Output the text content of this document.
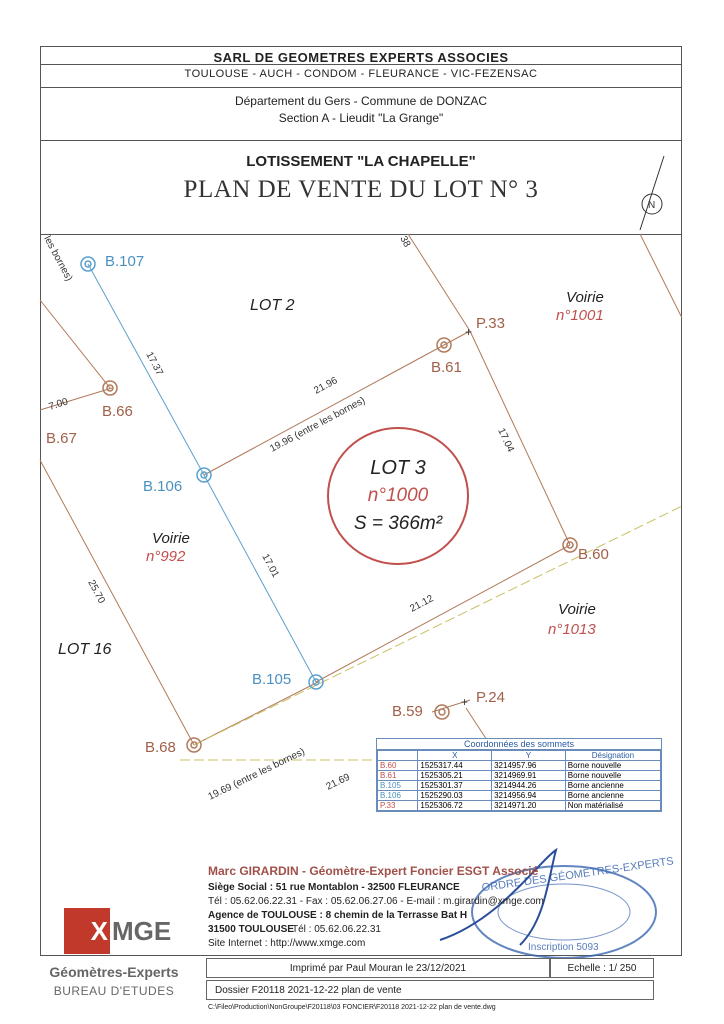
SARL DE GEOMETRES EXPERTS ASSOCIES
TOULOUSE - AUCH - CONDOM - FLEURANCE - VIC-FEZENSAC
Département du Gers - Commune de DONZAC
Section A - Lieudit "La Grange"
LOTISSEMENT "LA CHAPELLE"
PLAN DE VENTE DU LOT N° 3
N
+
+
LOT 3
n°1000
S = 366m²
LOT 2
LOT 16
Voirie
n°1001
Voirie
n°992
Voirie
n°1013
B.107
B.66
B.67
B.106
B.105
B.68
B.61
B.60
B.59
P.33
P.24
17.37
21.96
19.96 (entre les bornes)	17.04
17.01
21.12
25.70
7.00
19.69 (entre les bornes) 21.69
38
les bornes)
ORDRE DES GÉOMÈTRES-EXPERTS
Inscription 5093
Coordonnées des sommets
	X	Y	Désignation
B.60	1525317.44	3214957.96	Borne nouvelle
B.61	1525305.21	3214969.91	Borne nouvelle
B.105	1525301.37	3214944.26	Borne ancienne
B.106	1525290.03	3214956.94	Borne ancienne
P.33	1525306.72	3214971.20	Non matérialisé
Marc GIRARDIN - Géomètre-Expert Foncier ESGT Associé
Siège Social : 51 rue Montablon - 32500 FLEURANCE
Tél : 05.62.06.22.31 - Fax : 05.62.06.27.06 - E-mail : m.girardin@xmge.com
Agence de TOULOUSE : 8 chemin de la Terrasse Bat H
31500 TOULOUSE
Tél : 05.62.06.22.31
Site Internet : http://www.xmge.com
X MGE
Géomètres-Experts
BUREAU D'ETUDES
Imprimé par Paul Mouran le 23/12/2021	Echelle : 1/ 250
Dossier F20118 2021-12-22 plan de vente
C:\Fileo\Production\NonGroupe\F20118\03 FONCIER\F20118 2021-12-22 plan de vente.dwg
